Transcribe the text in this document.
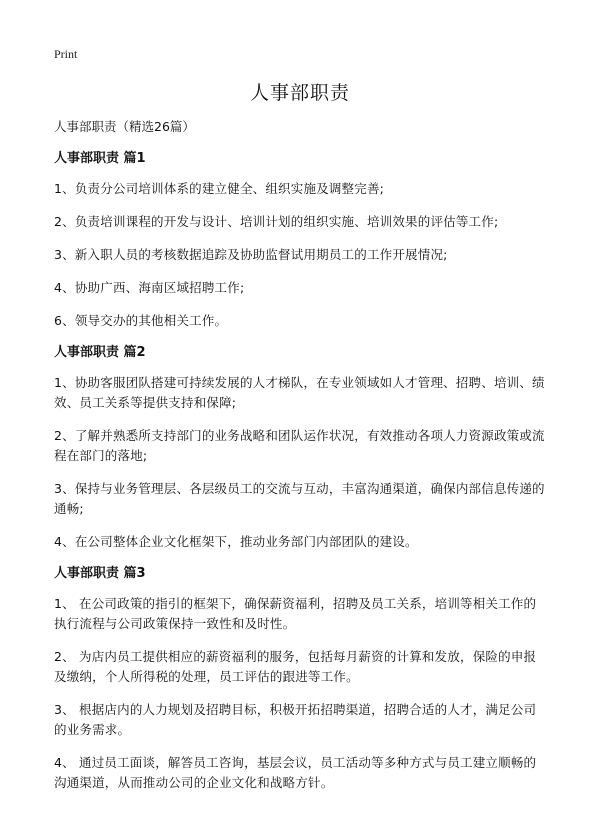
Print
人事部职责

人事部职责（精选26篇）

人事部职责 篇1

1、负责分公司培训体系的建立健全、组织实施及调整完善;

2、负责培训课程的开发与设计、培训计划的组织实施、培训效果的评估等工作;

3、新入职人员的考核数据追踪及协助监督试用期员工的工作开展情况;

4、协助广西、海南区域招聘工作;

6、领导交办的其他相关工作。

人事部职责 篇2

1、协助客服团队搭建可持续发展的人才梯队，在专业领域如人才管理、招聘、培训、绩效、员工关系等提供支持和保障;

2、了解并熟悉所支持部门的业务战略和团队运作状况，有效推动各项人力资源政策或流程在部门的落地;

3、保持与业务管理层、各层级员工的交流与互动，丰富沟通渠道，确保内部信息传递的通畅;

4、在公司整体企业文化框架下，推动业务部门内部团队的建设。

人事部职责 篇3

1、 在公司政策的指引的框架下，确保薪资福利，招聘及员工关系，培训等相关工作的执行流程与公司政策保持一致性和及时性。

2、 为店内员工提供相应的薪资福利的服务，包括每月薪资的计算和发放，保险的申报及缴纳，个人所得税的处理，员工评估的跟进等工作。

3、 根据店内的人力规划及招聘目标，积极开拓招聘渠道，招聘合适的人才，满足公司的业务需求。

4、 通过员工面谈，解答员工咨询，基层会议，员工活动等多种方式与员工建立顺畅的沟通渠道，从而推动公司的企业文化和战略方针。
